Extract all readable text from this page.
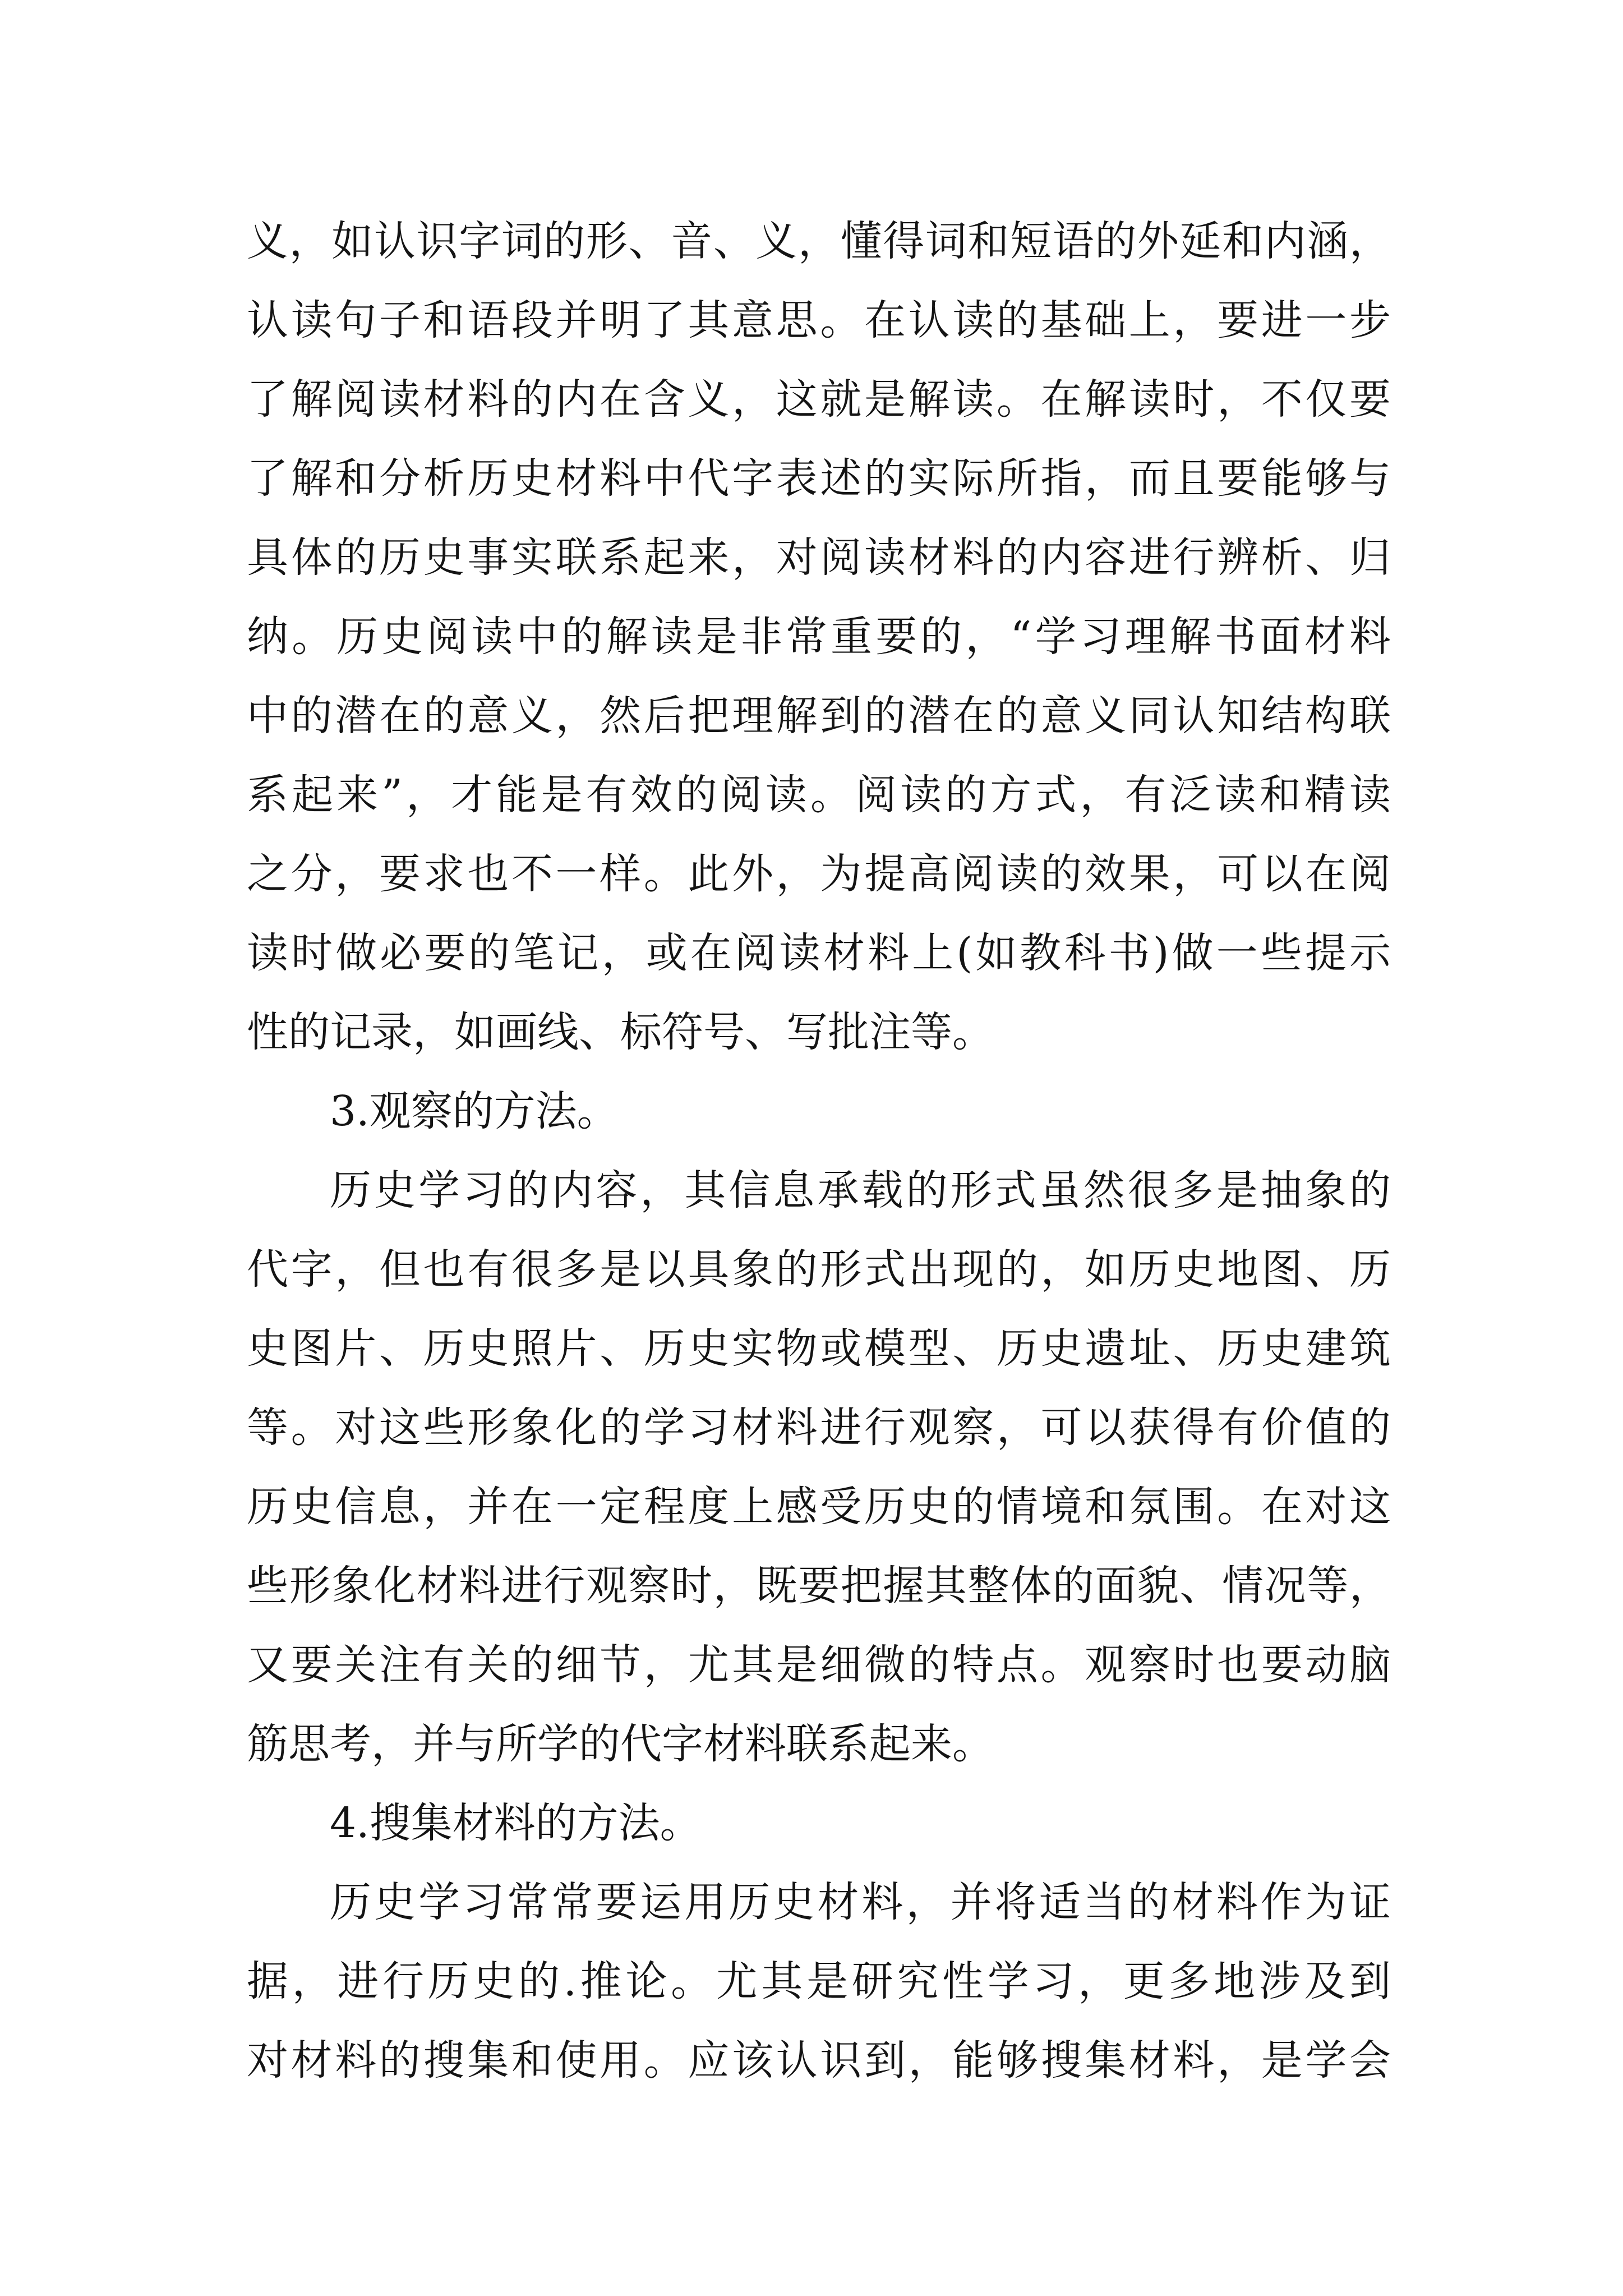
义，如认识字词的形、音、义，懂得词和短语的外延和内涵，
认读句子和语段并明了其意思。在认读的基础上，要进一步
了解阅读材料的内在含义，这就是解读。在解读时，不仅要
了解和分析历史材料中代字表述的实际所指，而且要能够与
具体的历史事实联系起来，对阅读材料的内容进行辨析、归
纳。历史阅读中的解读是非常重要的，“学习理解书面材料
中的潜在的意义，然后把理解到的潜在的意义同认知结构联
系起来”，才能是有效的阅读。阅读的方式，有泛读和精读
之分，要求也不一样。此外，为提高阅读的效果，可以在阅
读时做必要的笔记，或在阅读材料上(如教科书)做一些提示
性的记录，如画线、标符号、写批注等。
3.观察的方法。
历史学习的内容，其信息承载的形式虽然很多是抽象的
代字，但也有很多是以具象的形式出现的，如历史地图、历
史图片、历史照片、历史实物或模型、历史遗址、历史建筑
等。对这些形象化的学习材料进行观察，可以获得有价值的
历史信息，并在一定程度上感受历史的情境和氛围。在对这
些形象化材料进行观察时，既要把握其整体的面貌、情况等，
又要关注有关的细节，尤其是细微的特点。观察时也要动脑
筋思考，并与所学的代字材料联系起来。
4.搜集材料的方法。
历史学习常常要运用历史材料，并将适当的材料作为证
据，进行历史的.推论。尤其是研究性学习，更多地涉及到
对材料的搜集和使用。应该认识到，能够搜集材料，是学会
